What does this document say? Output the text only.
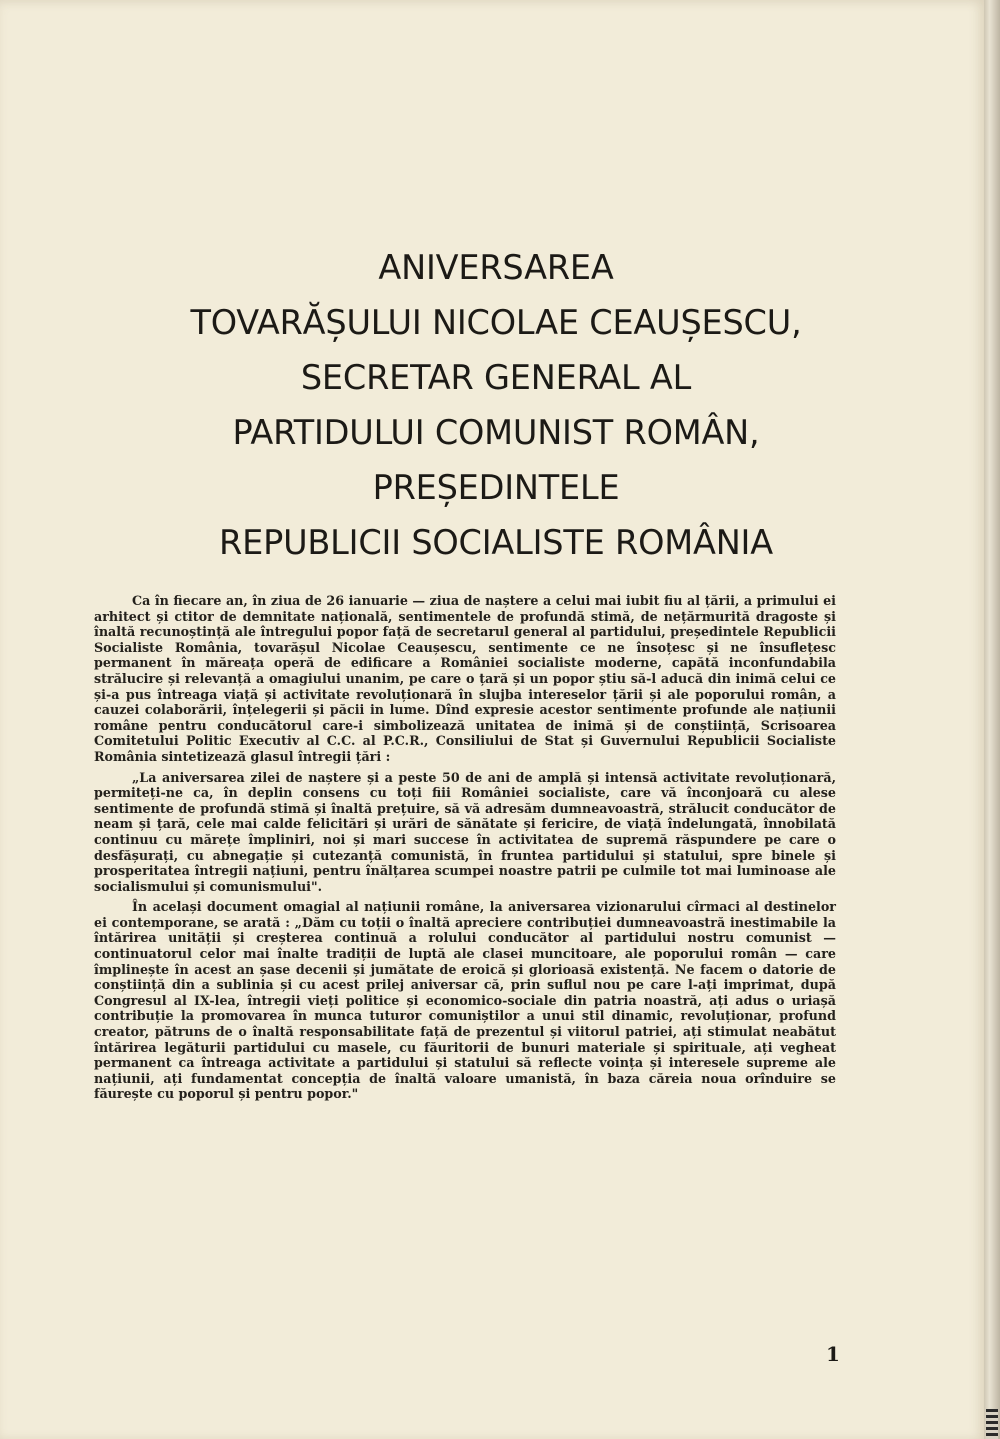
ANIVERSAREA
TOVARĂȘULUI NICOLAE CEAUȘESCU,
SECRETAR GENERAL AL
PARTIDULUI COMUNIST ROMÂN,
PREȘEDINTELE
REPUBLICII SOCIALISTE ROMÂNIA

Ca în fiecare an, în ziua de 26 ianuarie — ziua de naștere a celui mai iubit fiu al țării, a primului ei arhitect și ctitor de demnitate națională, sentimentele de profundă stimă, de nețărmurită dragoste și înaltă recunoștință ale întregului popor față de secretarul general al partidului, președintele Republicii Socialiste România, tovarășul Nicolae Ceaușescu, sentimente ce ne însoțesc și ne însuflețesc permanent în măreața operă de edificare a României socialiste moderne, capătă inconfundabila strălucire și relevanță a omagiului unanim, pe care o țară și un popor știu să-l aducă din inimă celui ce și-a pus întreaga viață și activitate revoluționară în slujba intereselor țării și ale poporului român, a cauzei colaborării, înțelegerii și păcii in lume. Dînd expresie acestor sentimente profunde ale națiunii române pentru conducătorul care-i simbolizează unitatea de inimă și de conștiință, Scrisoarea Comitetului Politic Executiv al C.C. al P.C.R., Consiliului de Stat și Guvernului Republicii Socialiste România sintetizează glasul întregii țări :

„La aniversarea zilei de naștere și a peste 50 de ani de amplă și intensă activitate revoluționară, permiteți-ne ca, în deplin consens cu toți fiii României socialiste, care vă înconjoară cu alese sentimente de profundă stimă și înaltă prețuire, să vă adresăm dumneavoastră, strălucit conducător de neam și țară, cele mai calde felicitări și urări de sănătate și fericire, de viață îndelungată, înnobilată continuu cu mărețe împliniri, noi și mari succese în activitatea de supremă răspundere pe care o desfășurați, cu abnegație și cutezanță comunistă, în fruntea partidului și statului, spre binele și prosperitatea întregii națiuni, pentru înălțarea scumpei noastre patrii pe culmile tot mai luminoase ale socialismului și comunismului".

În același document omagial al națiunii române, la aniversarea vizionarului cîrmaci al destinelor ei contemporane, se arată : „Dăm cu toții o înaltă apreciere contribuției dumneavoastră inestimabile la întărirea unității și creșterea continuă a rolului conducător al partidului nostru comunist — continuatorul celor mai înalte tradiții de luptă ale clasei muncitoare, ale poporului român — care împlinește în acest an șase decenii și jumătate de eroică și glorioasă existență. Ne facem o datorie de conștiință din a sublinia și cu acest prilej aniversar că, prin suflul nou pe care l-ați imprimat, după Congresul al IX-lea, întregii vieți politice și economico-sociale din patria noastră, ați adus o uriașă contribuție la promovarea în munca tuturor comuniștilor a unui stil dinamic, revoluționar, profund creator, pătruns de o înaltă responsabilitate față de prezentul și viitorul patriei, ați stimulat neabătut întărirea legăturii partidului cu masele, cu făuritorii de bunuri materiale și spirituale, ați vegheat permanent ca întreaga activitate a partidului și statului să reflecte voința și interesele supreme ale națiunii, ați fundamentat concepția de înaltă valoare umanistă, în baza căreia noua orînduire se făurește cu poporul și pentru popor."

1
